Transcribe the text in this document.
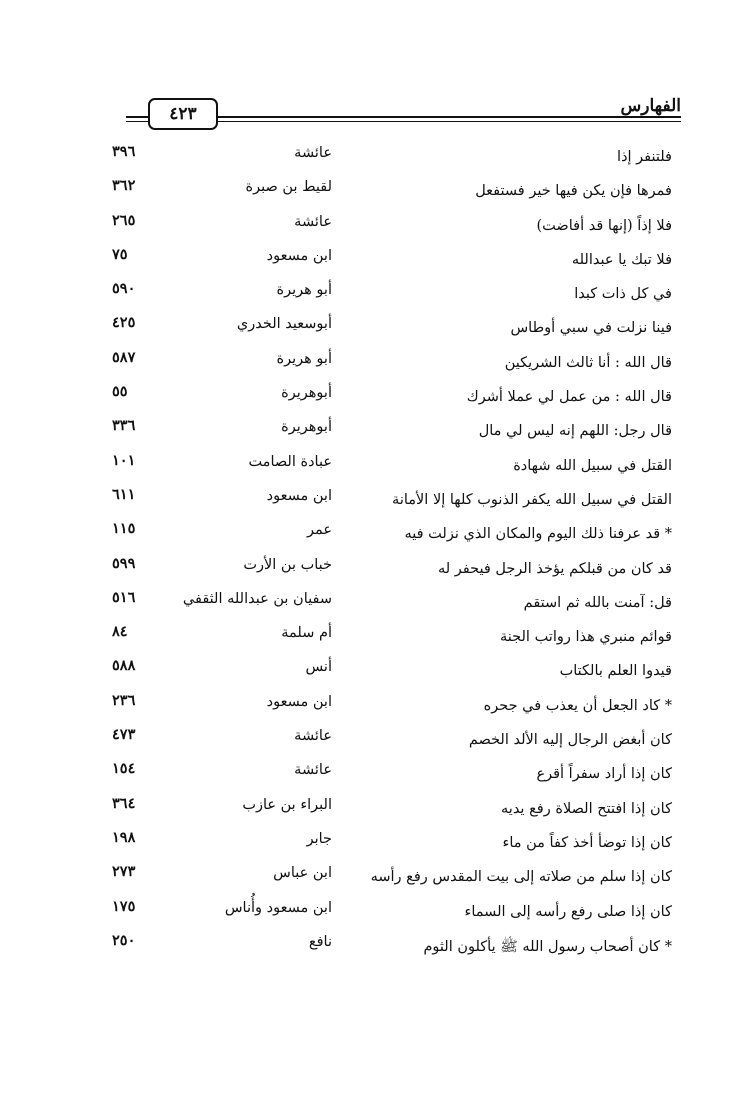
الفهارس
٤٢٣
فلتنفر إذا
عائشة
٣٩٦
فمرها فإن يكن فيها خير فستفعل
لقيط بن صبرة
٣٦٢
فلا إذاً (إنها قد أفاضت)
عائشة
٢٦٥
فلا تبك يا عبدالله
ابن مسعود
٧٥
في كل ذات كبدا
أبو هريرة
٥٩٠
فينا نزلت في سبي أوطاس
أبوسعيد الخدري
٤٢٥
قال الله : أنا ثالث الشريكين
أبو هريرة
٥٨٧
قال الله : من عمل لي عملا أشرك
أبوهريرة
٥٥
قال رجل: اللهم إنه ليس لي مال
أبوهريرة
٣٣٦
القتل في سبيل الله شهادة
عبادة الصامت
١٠١
القتل في سبيل الله يكفر الذنوب كلها إلا الأمانة
ابن مسعود
٦١١
* قد عرفنا ذلك اليوم والمكان الذي نزلت فيه
عمر
١١٥
قد كان من قبلكم يؤخذ الرجل فيحفر له
خباب بن الأرت
٥٩٩
قل: آمنت بالله ثم استقم
سفيان بن عبدالله الثقفي
٥١٦
قوائم منبري هذا رواتب الجنة
أم سلمة
٨٤
قيدوا العلم بالكتاب
أنس
٥٨٨
* كاد الجعل أن يعذب في جحره
ابن مسعود
٢٣٦
كان أبغض الرجال إليه الألد الخصم
عائشة
٤٧٣
كان إذا أراد سفراً أقرع
عائشة
١٥٤
كان إذا افتتح الصلاة رفع يديه
البراء بن عازب
٣٦٤
كان إذا توضأ أخذ كفاً من ماء
جابر
١٩٨
كان إذا سلم من صلاته إلى بيت المقدس رفع رأسه
ابن عباس
٢٧٣
كان إذا صلى رفع رأسه إلى السماء
ابن مسعود وأُناس
١٧٥
* كان أصحاب رسول الله ﷺ يأكلون الثوم
نافع
٢٥٠
